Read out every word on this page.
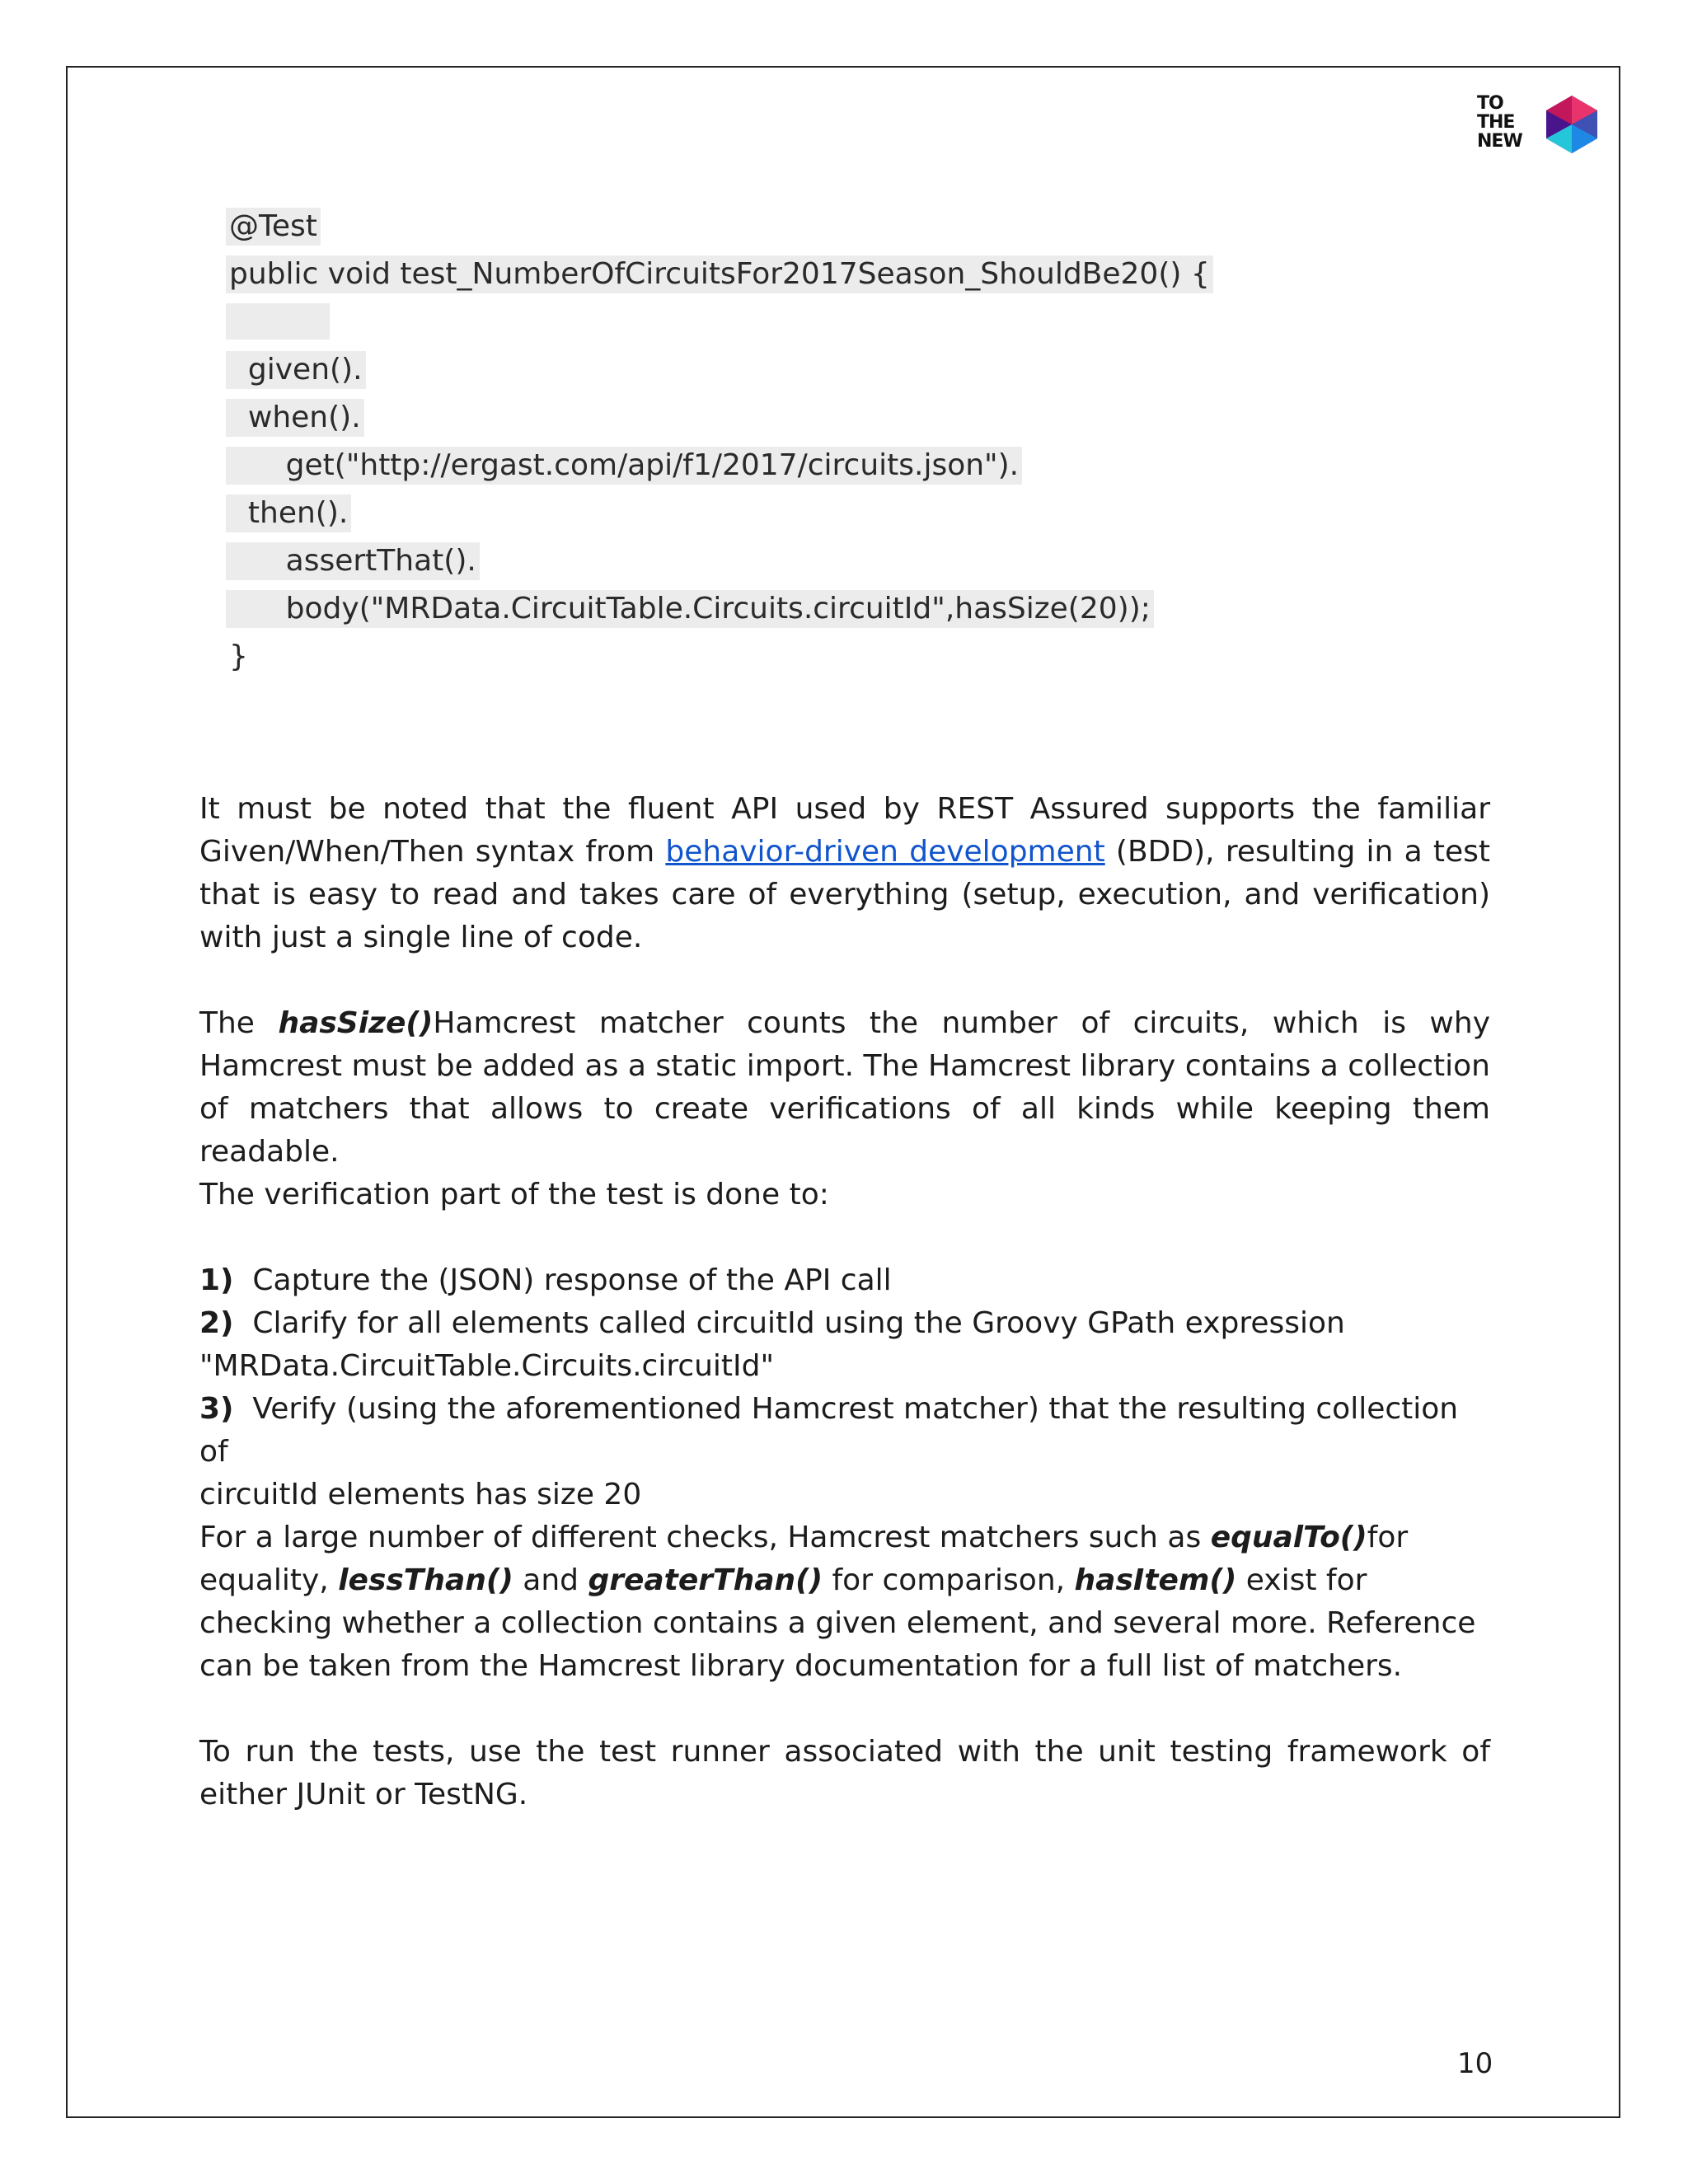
TO
THE
NEW
@Test
public void test_NumberOfCircuitsFor2017Season_ShouldBe20() {
given().
when().
get("http://ergast.com/api/f1/2017/circuits.json").
then().
assertThat().
body("MRData.CircuitTable.Circuits.circuitId",hasSize(20));
}

It must be noted that the fluent API used by REST Assured supports the familiar Given/When/Then syntax from behavior-driven development (BDD), resulting in a test that is easy to read and takes care of everything (setup, execution, and verification) with just a single line of code.

The hasSize()Hamcrest matcher counts the number of circuits, which is why Hamcrest must be added as a static import. The Hamcrest library contains a collection of matchers that allows to create verifications of all kinds while keeping them readable.

The verification part of the test is done to:

1) Capture the (JSON) response of the API call
2) Clarify for all elements called circuitId using the Groovy GPath expression
"MRData.CircuitTable.Circuits.circuitId"
3) Verify (using the aforementioned Hamcrest matcher) that the resulting collection of
circuitId elements has size 20

For a large number of different checks, Hamcrest matchers such as equalTo()for equality, lessThan() and greaterThan() for comparison, hasItem() exist for checking whether a collection contains a given element, and several more. Reference can be taken from the Hamcrest library documentation for a full list of matchers.

To run the tests, use the test runner associated with the unit testing framework of either JUnit or TestNG.

10
